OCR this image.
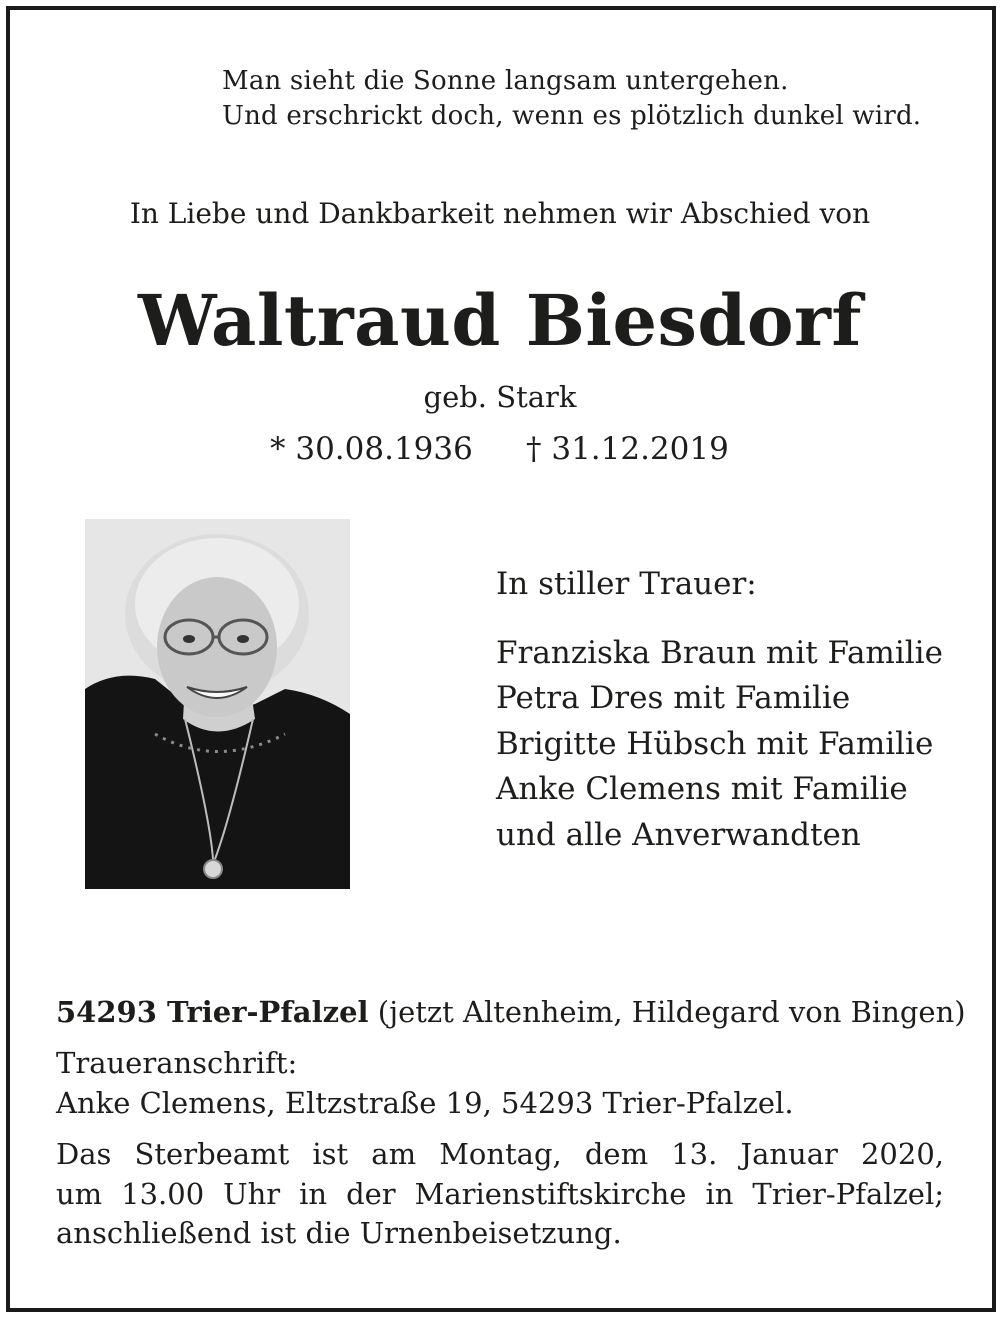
Man sieht die Sonne langsam untergehen.
Und erschrickt doch, wenn es plötzlich dunkel wird.
In Liebe und Dankbarkeit nehmen wir Abschied von
Waltraud Biesdorf
geb. Stark
* 30.08.1936 † 31.12.2019
In stiller Trauer:
Franziska Braun mit Familie
Petra Dres mit Familie
Brigitte Hübsch mit Familie
Anke Clemens mit Familie
und alle Anverwandten
54293 Trier-Pfalzel (jetzt Altenheim, Hildegard von Bingen)
Traueranschrift:
Anke Clemens, Eltzstraße 19, 54293 Trier-Pfalzel.
Das Sterbeamt ist am Montag, dem 13. Januar 2020,
um 13.00 Uhr in der Marienstiftskirche in Trier-Pfalzel;
anschließend ist die Urnenbeisetzung.
